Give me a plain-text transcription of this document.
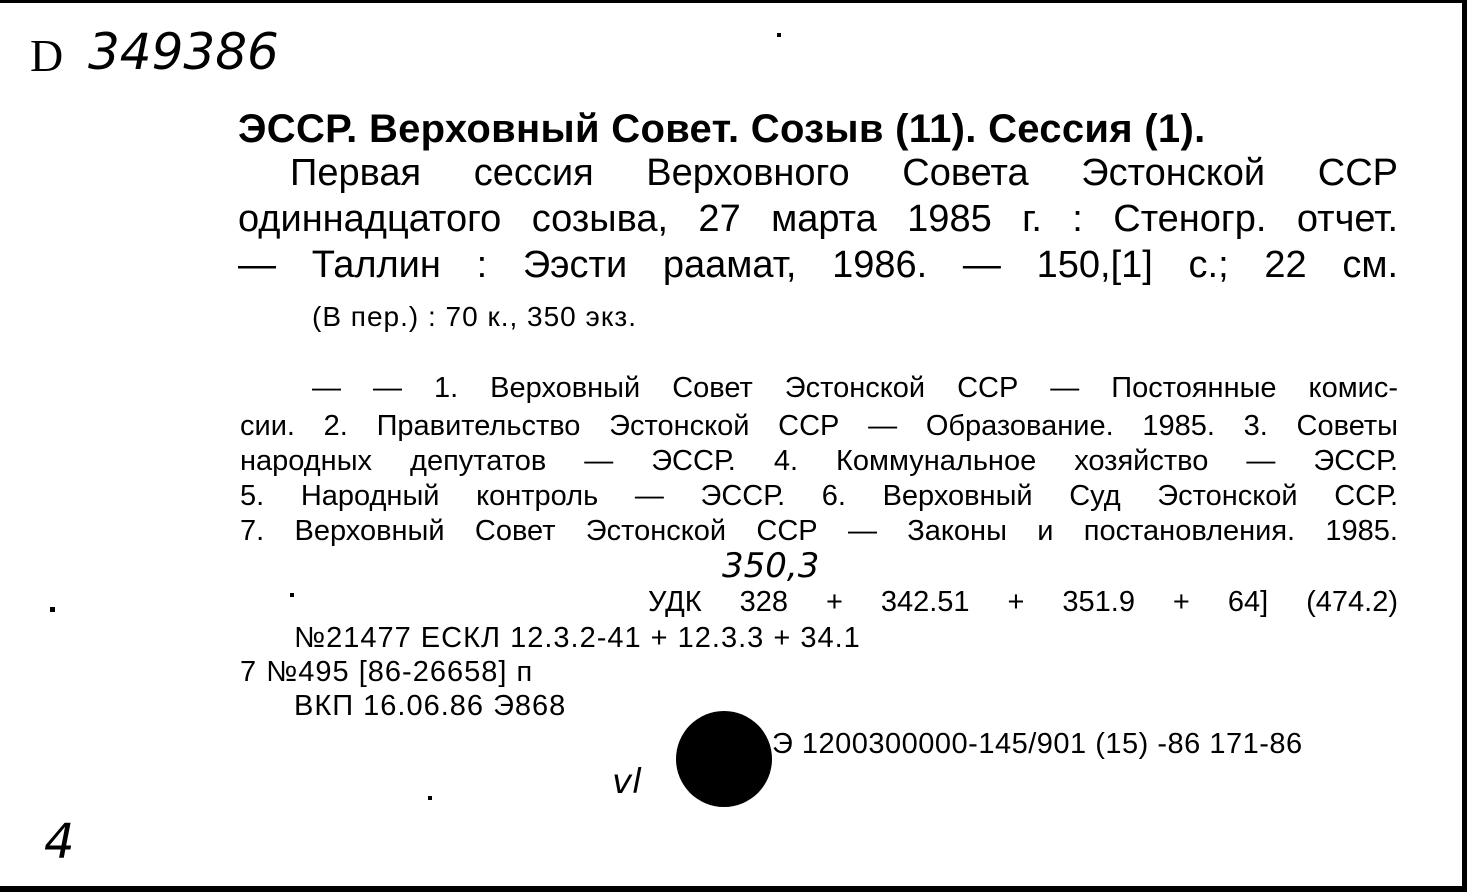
D 349386
ЭССР. Верховный Совет. Созыв (11). Сессия (1).
Первая сессия Верховного Совета Эстонской ССР
одиннадцатого созыва, 27 марта 1985 г. : Стеногр. отчет.
— Таллин : Ээсти раамат, 1986. — 150,[1] с.; 22 см.
(В пер.) : 70 к., 350 экз.
— — 1. Верховный Совет Эстонской ССР — Постоянные комис-
сии. 2. Правительство Эстонской ССР — Образование. 1985. 3. Советы
народных депутатов — ЭССР. 4. Коммунальное хозяйство — ЭССР.
5. Народный контроль — ЭССР. 6. Верховный Суд Эстонской ССР.
7. Верховный Совет Эстонской ССР — Законы и постановления. 1985.
350,3
УДК 328 + 342.51 + 351.9 + 64] (474.2)
№21477 ЕСКЛ 12.3.2-41 + 12.3.3 + 34.1
7 №495 [86-26658] п
ВКП 16.06.86 Э868
Э 1200300000-145/901 (15) -86 171-86
vl
4
